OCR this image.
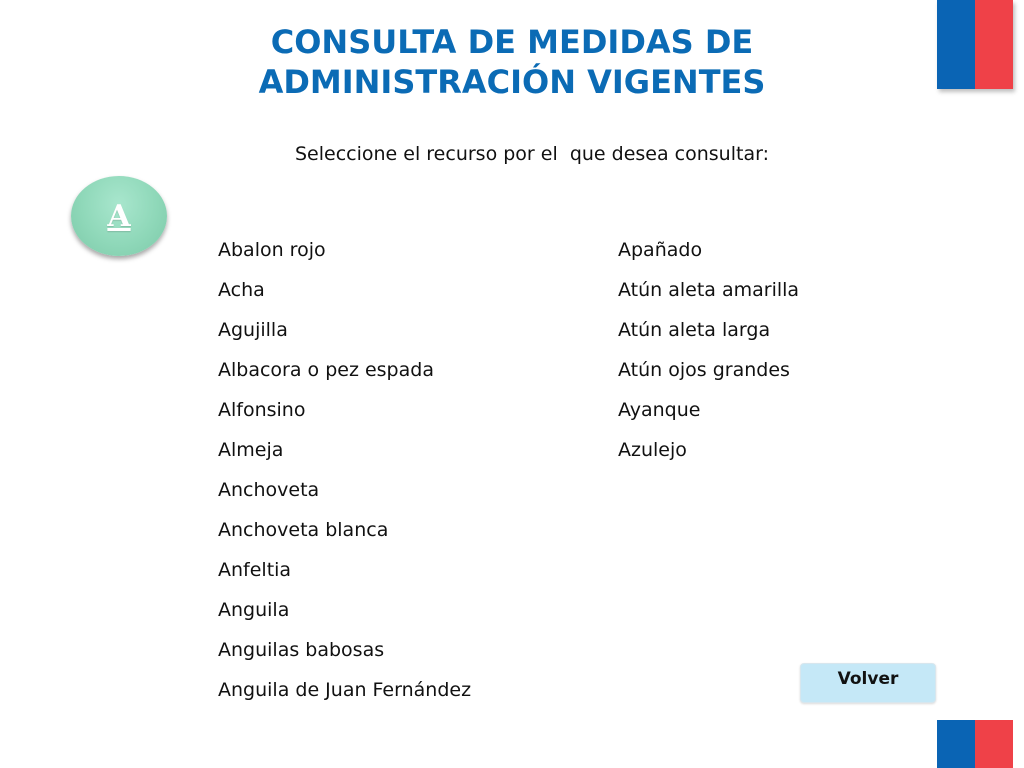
CONSULTA DE MEDIDAS DE
ADMINISTRACIÓN VIGENTES
Seleccione el recurso por el  que desea consultar:
A
Abalon rojo
Acha
Agujilla
Albacora o pez espada
Alfonsino
Almeja
Anchoveta
Anchoveta blanca
Anfeltia
Anguila
Anguilas babosas
Anguila de Juan Fernández
Apañado
Atún aleta amarilla
Atún aleta larga
Atún ojos grandes
Ayanque
Azulejo
Volver
